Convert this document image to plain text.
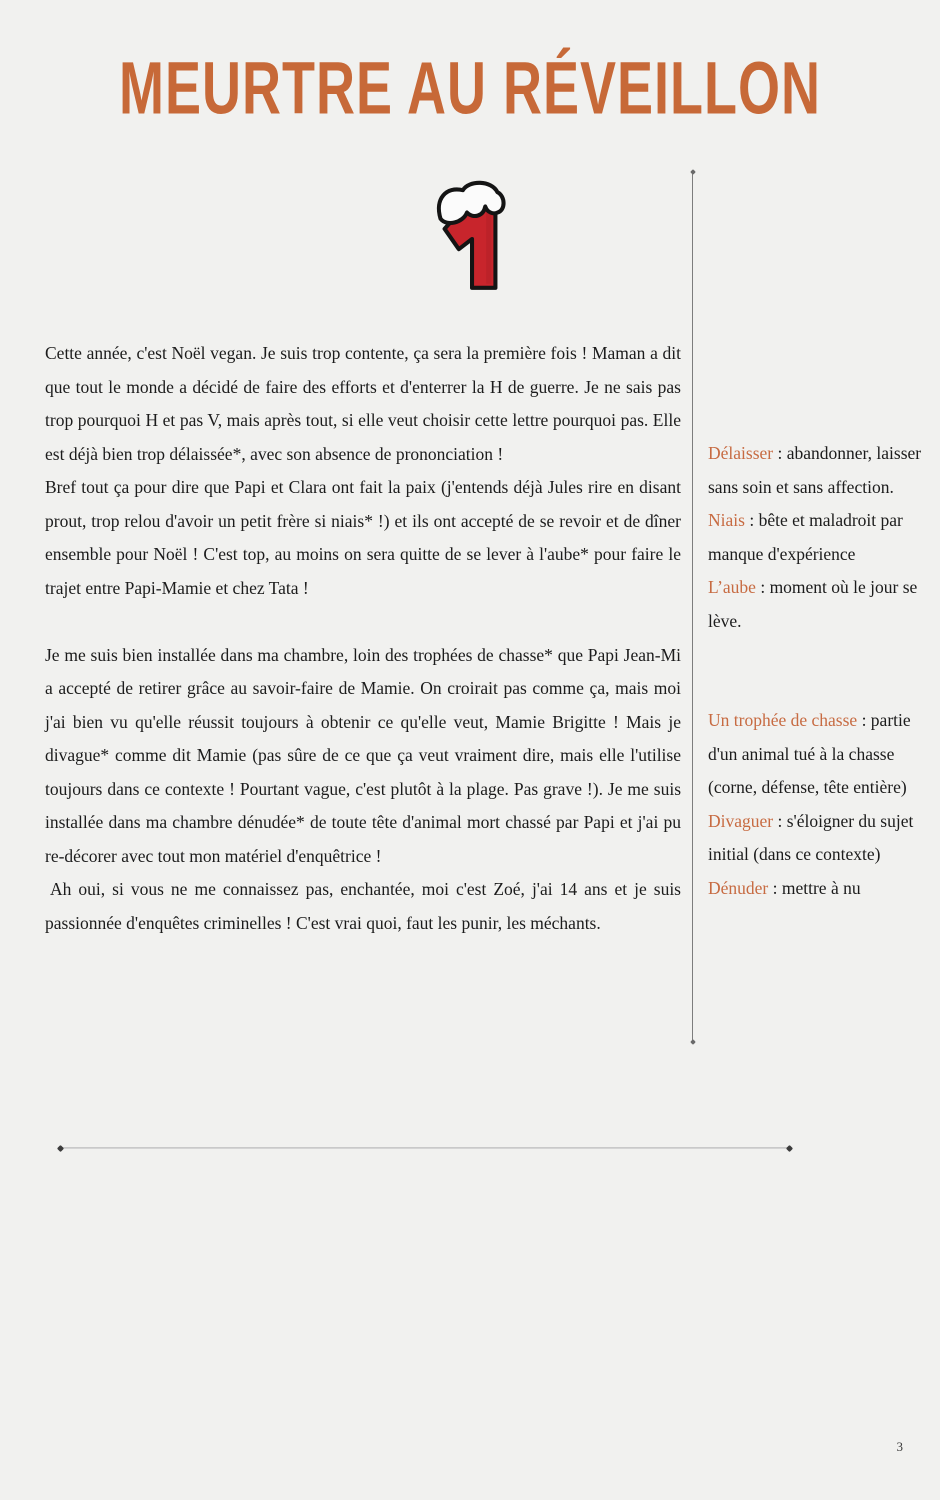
MEURTRE AU RÉVEILLON

Cette année, c'est Noël vegan. Je suis trop contente, ça sera la première fois ! Maman a dit que tout le monde a décidé de faire des efforts et d'enterrer la H de guerre. Je ne sais pas trop pourquoi H et pas V, mais après tout, si elle veut choisir cette lettre pourquoi pas. Elle est déjà bien trop délaissée*, avec son absence de prononciation !

Bref tout ça pour dire que Papi et Clara ont fait la paix (j'entends déjà Jules rire en disant prout, trop relou d'avoir un petit frère si niais* !) et ils ont accepté de se revoir et de dîner ensemble pour Noël ! C'est top, au moins on sera quitte de se lever à l'aube* pour faire le trajet entre Papi-Mamie et chez Tata !

Je me suis bien installée dans ma chambre, loin des trophées de chasse* que Papi Jean-Mi a accepté de retirer grâce au savoir-faire de Mamie. On croirait pas comme ça, mais moi j'ai bien vu qu'elle réussit toujours à obtenir ce qu'elle veut, Mamie Brigitte ! Mais je divague* comme dit Mamie (pas sûre de ce que ça veut vraiment dire, mais elle l'utilise toujours dans ce contexte ! Pourtant vague, c'est plutôt à la plage. Pas grave !). Je me suis installée dans ma chambre dénudée* de toute tête d'animal mort chassé par Papi et j'ai pu re-décorer avec tout mon matériel d'enquêtrice !

Ah oui, si vous ne me connaissez pas, enchantée, moi c'est Zoé, j'ai 14 ans et je suis passionnée d'enquêtes criminelles ! C'est vrai quoi, faut les punir, les méchants.

Délaisser : abandonner, laisser sans soin et sans affection.
Niais : bête et maladroit par manque d'expérience
L’aube : moment où le jour se lève.
Un trophée de chasse : partie d'un animal tué à la chasse (corne, défense, tête entière)
Divaguer : s'éloigner du sujet initial (dans ce contexte)
Dénuder : mettre à nu
3
